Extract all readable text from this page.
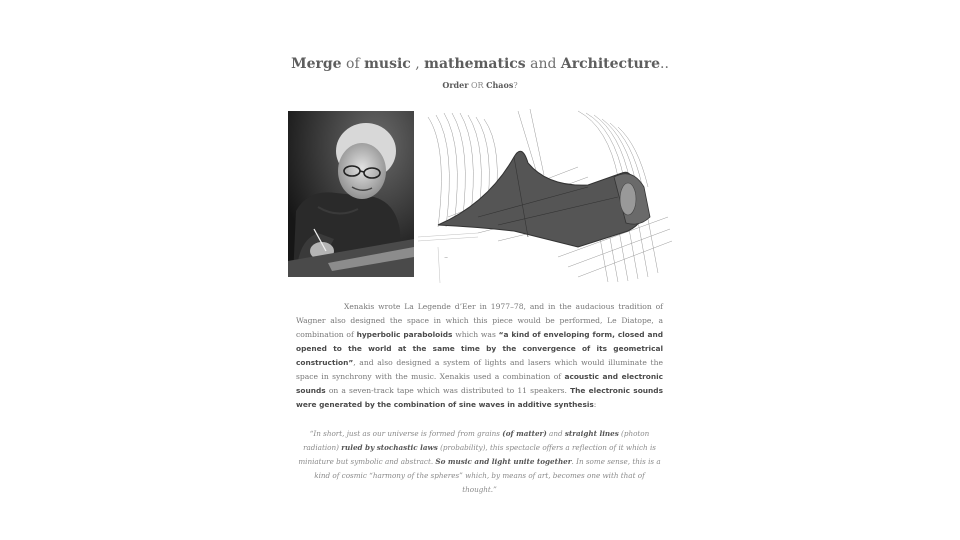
Merge of music , mathematics and Architecture..
Order OR Chaos?
~
Xenakis wrote La Legende d’Eer in 1977–78, and in the audacious tradition of Wagner also designed the space in which this piece would be performed, Le Diatope, a combination of hyperbolic paraboloids which was “a kind of enveloping form, closed and opened to the world at the same time by the convergence of its geometrical construction”, and also designed a system of lights and lasers which would illuminate the space in synchrony with the music. Xenakis used a combination of acoustic and electronic sounds on a seven-track tape which was distributed to 11 speakers. The electronic sounds were generated by the combination of sine waves in additive synthesis:
“In short, just as our universe is formed from grains (of matter) and straight lines (photon radiation) ruled by stochastic laws (probability), this spectacle offers a reflection of it which is miniature but symbolic and abstract. So music and light unite together. In some sense, this is a kind of cosmic “harmony of the spheres” which, by means of art, becomes one with that of thought.”
